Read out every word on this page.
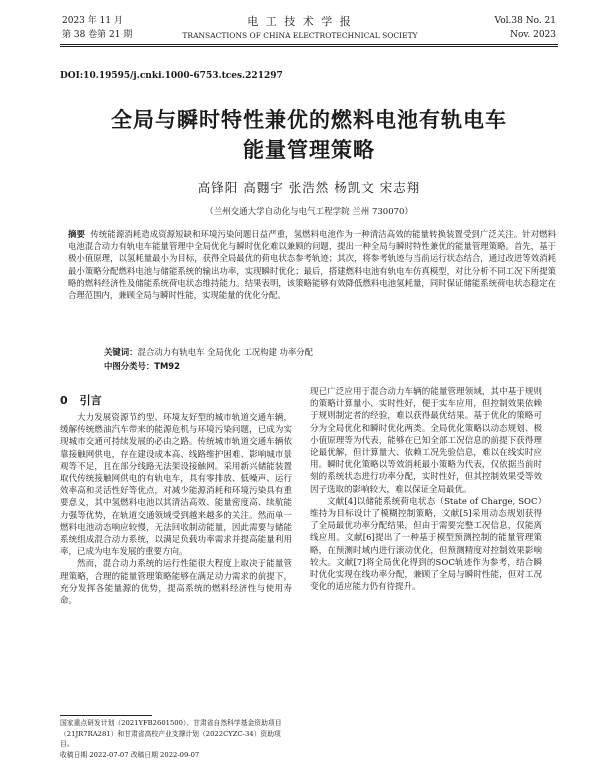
2023 年 11 月	电 工 技 术 学 报	Vol.38 No. 21
第 38 卷第 21 期	TRANSACTIONS OF CHINA ELECTROTECHNICAL SOCIETY	Nov. 2023
DOI:10.19595/j.cnki.1000-6753.tces.221297
全局与瞬时特性兼优的燃料电池有轨电车
能量管理策略
高锋阳 高翾宇 张浩然 杨凯文 宋志翔
（兰州交通大学自动化与电气工程学院 兰州 730070）
摘要 传统能源消耗造成资源短缺和环境污染问题日益严重，氢燃料电池作为一种清洁高效的能量转换装置受到广泛关注。针对燃料电池混合动力有轨电车能量管理中全局优化与瞬时优化难以兼顾的问题，提出一种全局与瞬时特性兼优的能量管理策略。首先，基于极小值原理，以氢耗量最小为目标，获得全局最优的荷电状态参考轨迹；其次，将参考轨迹与当前运行状态结合，通过改进等效消耗最小策略分配燃料电池与储能系统的输出功率，实现瞬时优化；最后，搭建燃料电池有轨电车仿真模型，对比分析不同工况下所提策略的燃料经济性及储能系统荷电状态维持能力。结果表明，该策略能够有效降低燃料电池氢耗量，同时保证储能系统荷电状态稳定在合理范围内，兼顾全局与瞬时性能，实现能量的优化分配。
关键词：混合动力有轨电车 全局优化 工况构建 功率分配
中图分类号：TM92
0 引言

大力发展资源节约型、环境友好型的城市轨道交通车辆，缓解传统燃油汽车带来的能源危机与环境污染问题，已成为实现城市交通可持续发展的必由之路。传统城市轨道交通车辆依靠接触网供电，存在建设成本高、线路维护困难、影响城市景观等不足，且在部分线路无法架设接触网。采用新兴储能装置取代传统接触网供电的有轨电车，具有零排放、低噪声、运行效率高和灵活性好等优点，对减少能源消耗和环境污染具有重要意义，其中氢燃料电池以其清洁高效、能量密度高、续航能力强等优势，在轨道交通领域受到越来越多的关注。然而单一燃料电池动态响应较慢，无法回收制动能量，因此需要与储能系统组成混合动力系统，以满足负载功率需求并提高能量利用率，已成为电车发展的重要方向。

然而，混合动力系统的运行性能很大程度上取决于能量管理策略，合理的能量管理策略能够在满足动力需求的前提下，充分发挥各能量源的优势，提高系统的燃料经济性与使用寿命。

现已广泛应用于混合动力车辆的能量管理领域，其中基于规则的策略计算量小、实时性好，便于实车应用，但控制效果依赖于规则制定者的经验，难以获得最优结果。基于优化的策略可分为全局优化和瞬时优化两类。全局优化策略以动态规划、极小值原理等为代表，能够在已知全部工况信息的前提下获得理论最优解，但计算量大、依赖工况先验信息，难以在线实时应用。瞬时优化策略以等效消耗最小策略为代表，仅依据当前时刻的系统状态进行功率分配，实时性好，但其控制效果受等效因子选取的影响较大，难以保证全局最优。

文献[4]以储能系统荷电状态（State of Charge, SOC）维持为目标设计了模糊控制策略，文献[5]采用动态规划获得了全局最优功率分配结果，但由于需要完整工况信息，仅能离线应用。文献[6]提出了一种基于模型预测控制的能量管理策略，在预测时域内进行滚动优化，但预测精度对控制效果影响较大。文献[7]将全局优化得到的SOC轨迹作为参考，结合瞬时优化实现在线功率分配，兼顾了全局与瞬时性能，但对工况变化的适应能力仍有待提升。

国家重点研发计划（2021YFB2601500）、甘肃省自然科学基金资助项目（21JR7RA281）和甘肃省高校产业支撑计划（2022CYZC-34）资助项目。
收稿日期 2022-07-07 改稿日期 2022-09-07
